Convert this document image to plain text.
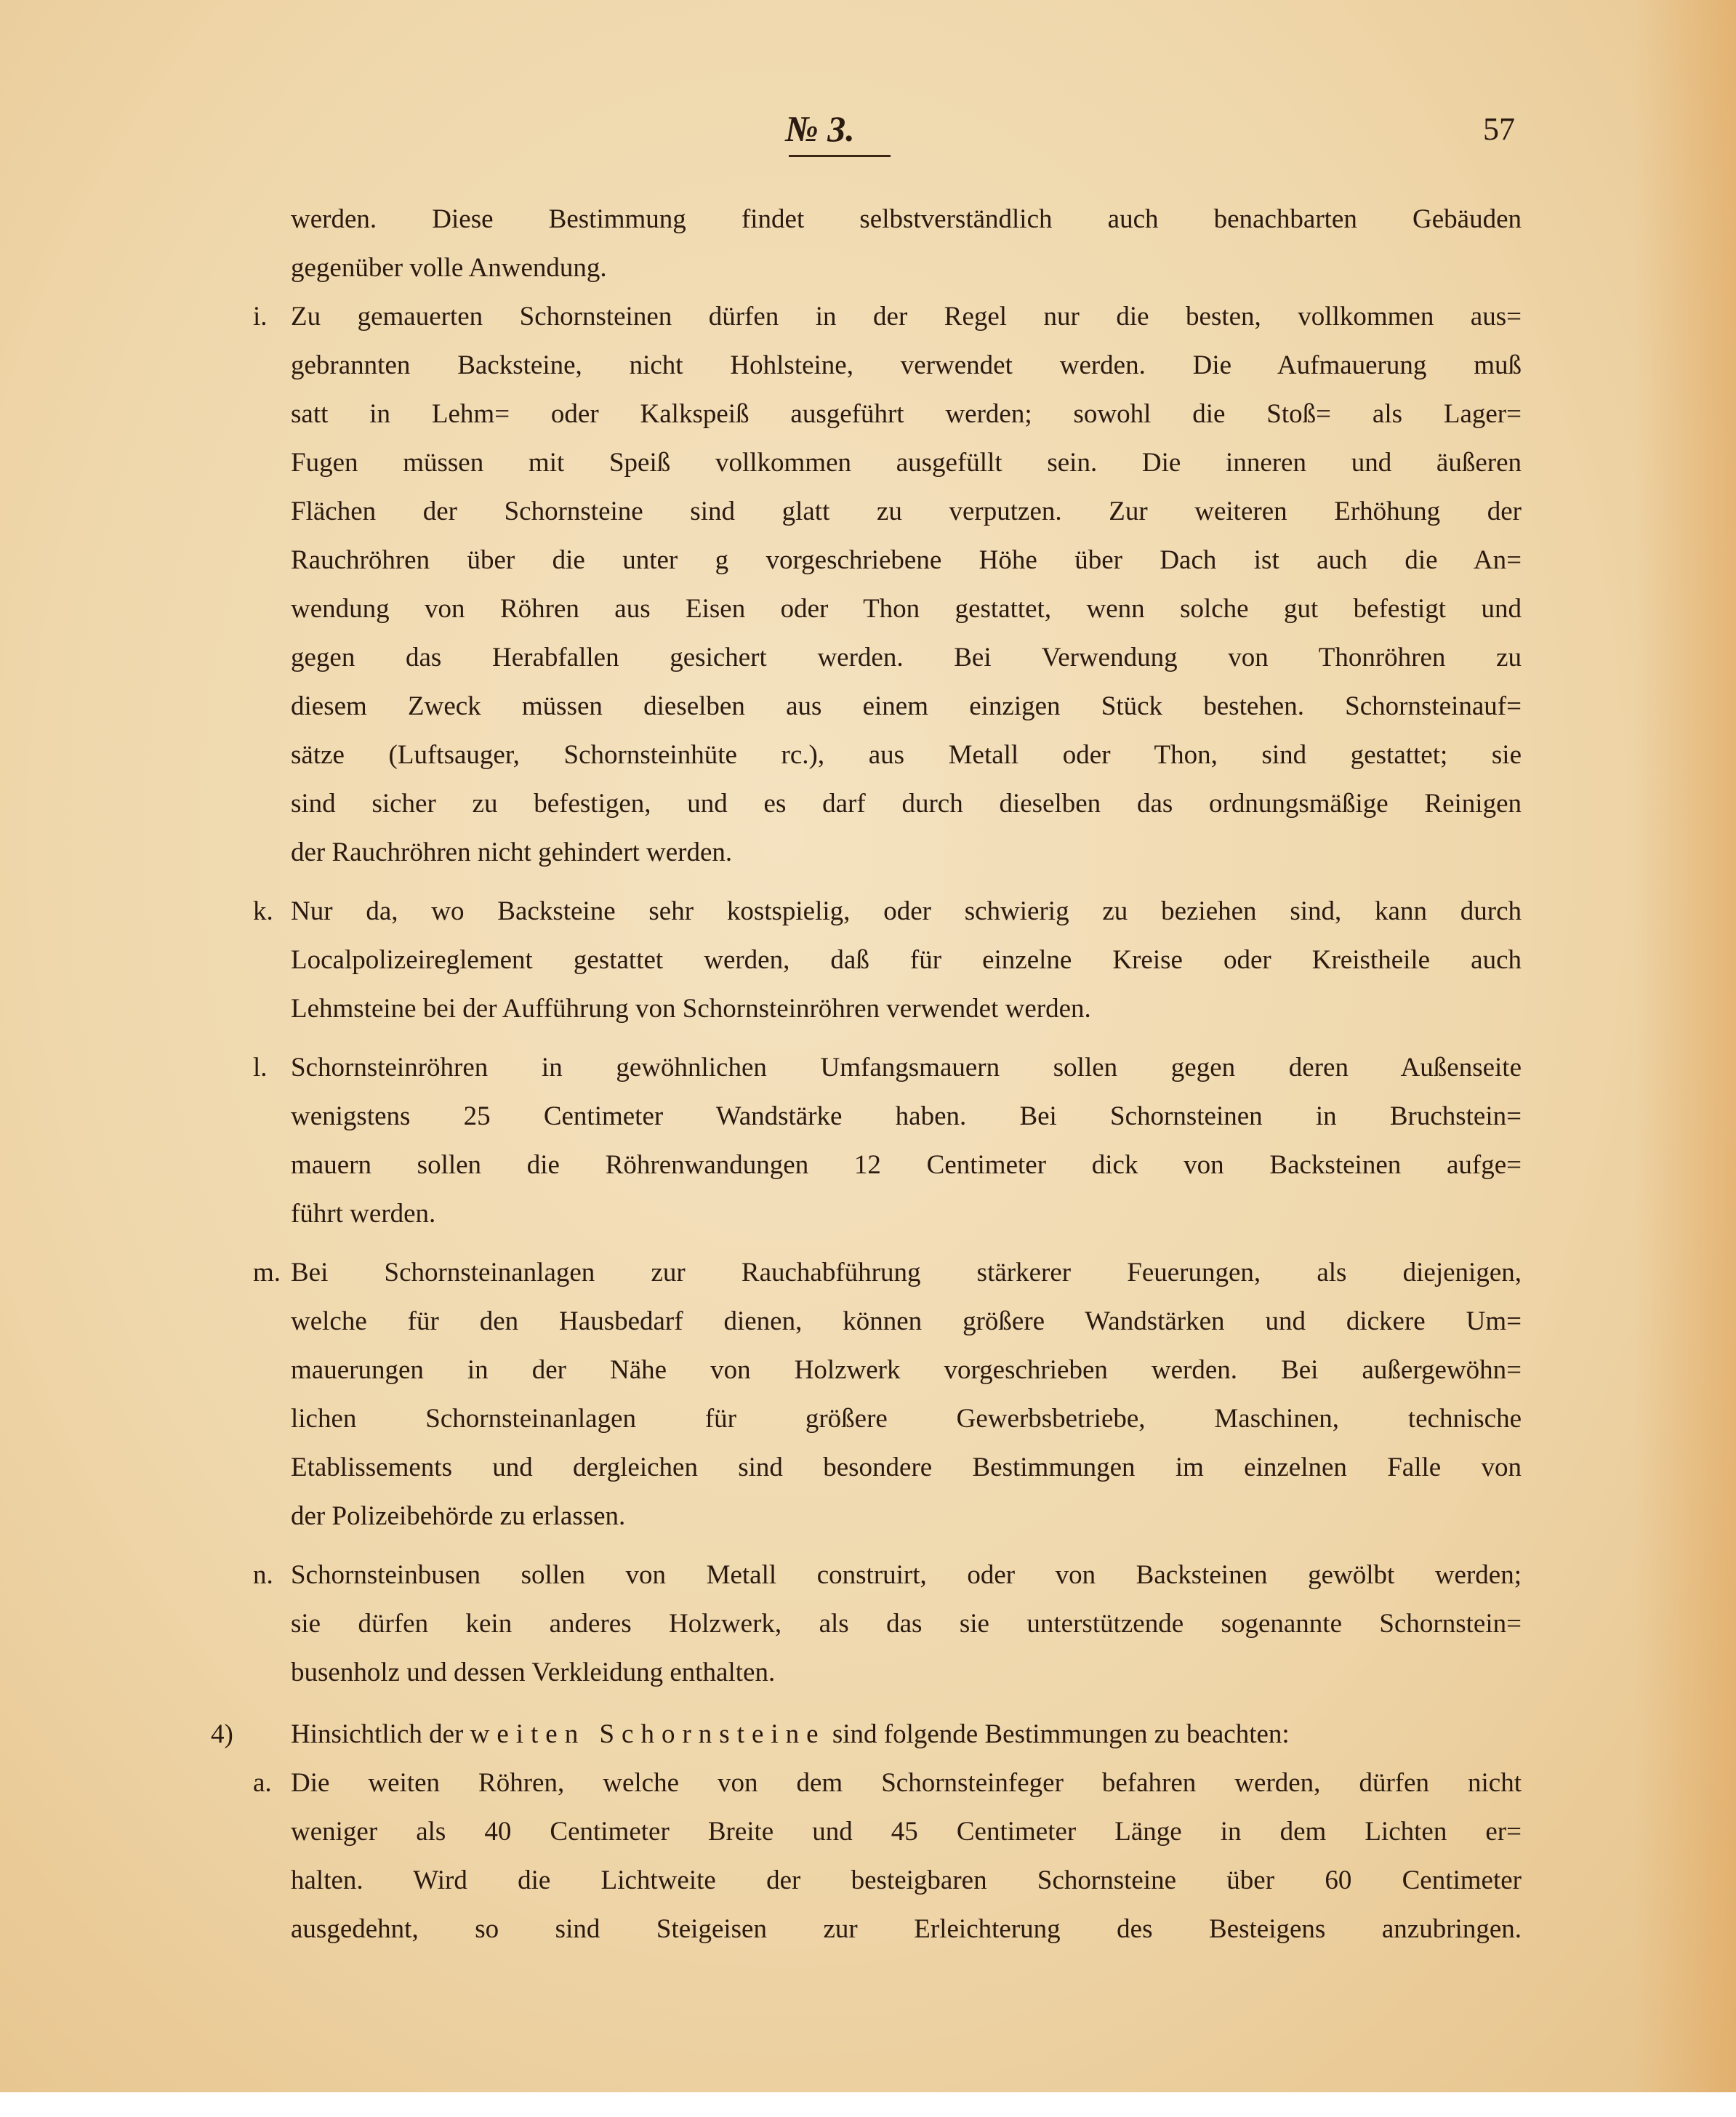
№ 3.	57
werden. Diese Bestimmung findet selbstverständlich auch benachbarten Gebäuden
gegenüber volle Anwendung.
i. Zu gemauerten Schornsteinen dürfen in der Regel nur die besten, vollkommen aus=
gebrannten Backsteine, nicht Hohlsteine, verwendet werden. Die Aufmauerung muß
satt in Lehm= oder Kalkspeiß ausgeführt werden; sowohl die Stoß= als Lager=
Fugen müssen mit Speiß vollkommen ausgefüllt sein. Die inneren und äußeren
Flächen der Schornsteine sind glatt zu verputzen. Zur weiteren Erhöhung der
Rauchröhren über die unter g vorgeschriebene Höhe über Dach ist auch die An=
wendung von Röhren aus Eisen oder Thon gestattet, wenn solche gut befestigt und
gegen das Herabfallen gesichert werden. Bei Verwendung von Thonröhren zu
diesem Zweck müssen dieselben aus einem einzigen Stück bestehen. Schornsteinauf=
sätze (Luftsauger, Schornsteinhüte rc.), aus Metall oder Thon, sind gestattet; sie
sind sicher zu befestigen, und es darf durch dieselben das ordnungsmäßige Reinigen
der Rauchröhren nicht gehindert werden.
k. Nur da, wo Backsteine sehr kostspielig, oder schwierig zu beziehen sind, kann durch
Localpolizeireglement gestattet werden, daß für einzelne Kreise oder Kreistheile auch
Lehmsteine bei der Aufführung von Schornsteinröhren verwendet werden.
l. Schornsteinröhren in gewöhnlichen Umfangsmauern sollen gegen deren Außenseite
wenigstens 25 Centimeter Wandstärke haben. Bei Schornsteinen in Bruchstein=
mauern sollen die Röhrenwandungen 12 Centimeter dick von Backsteinen aufge=
führt werden.
m. Bei Schornsteinanlagen zur Rauchabführung stärkerer Feuerungen, als diejenigen,
welche für den Hausbedarf dienen, können größere Wandstärken und dickere Um=
mauerungen in der Nähe von Holzwerk vorgeschrieben werden. Bei außergewöhn=
lichen Schornsteinanlagen für größere Gewerbsbetriebe, Maschinen, technische
Etablissements und dergleichen sind besondere Bestimmungen im einzelnen Falle von
der Polizeibehörde zu erlassen.
n. Schornsteinbusen sollen von Metall construirt, oder von Backsteinen gewölbt werden;
sie dürfen kein anderes Holzwerk, als das sie unterstützende sogenannte Schornstein=
busenholz und dessen Verkleidung enthalten.
4) Hinsichtlich der weiten Schornsteine sind folgende Bestimmungen zu beachten:
a. Die weiten Röhren, welche von dem Schornsteinfeger befahren werden, dürfen nicht
weniger als 40 Centimeter Breite und 45 Centimeter Länge in dem Lichten er=
halten. Wird die Lichtweite der besteigbaren Schornsteine über 60 Centimeter
ausgedehnt, so sind Steigeisen zur Erleichterung des Besteigens anzubringen.
